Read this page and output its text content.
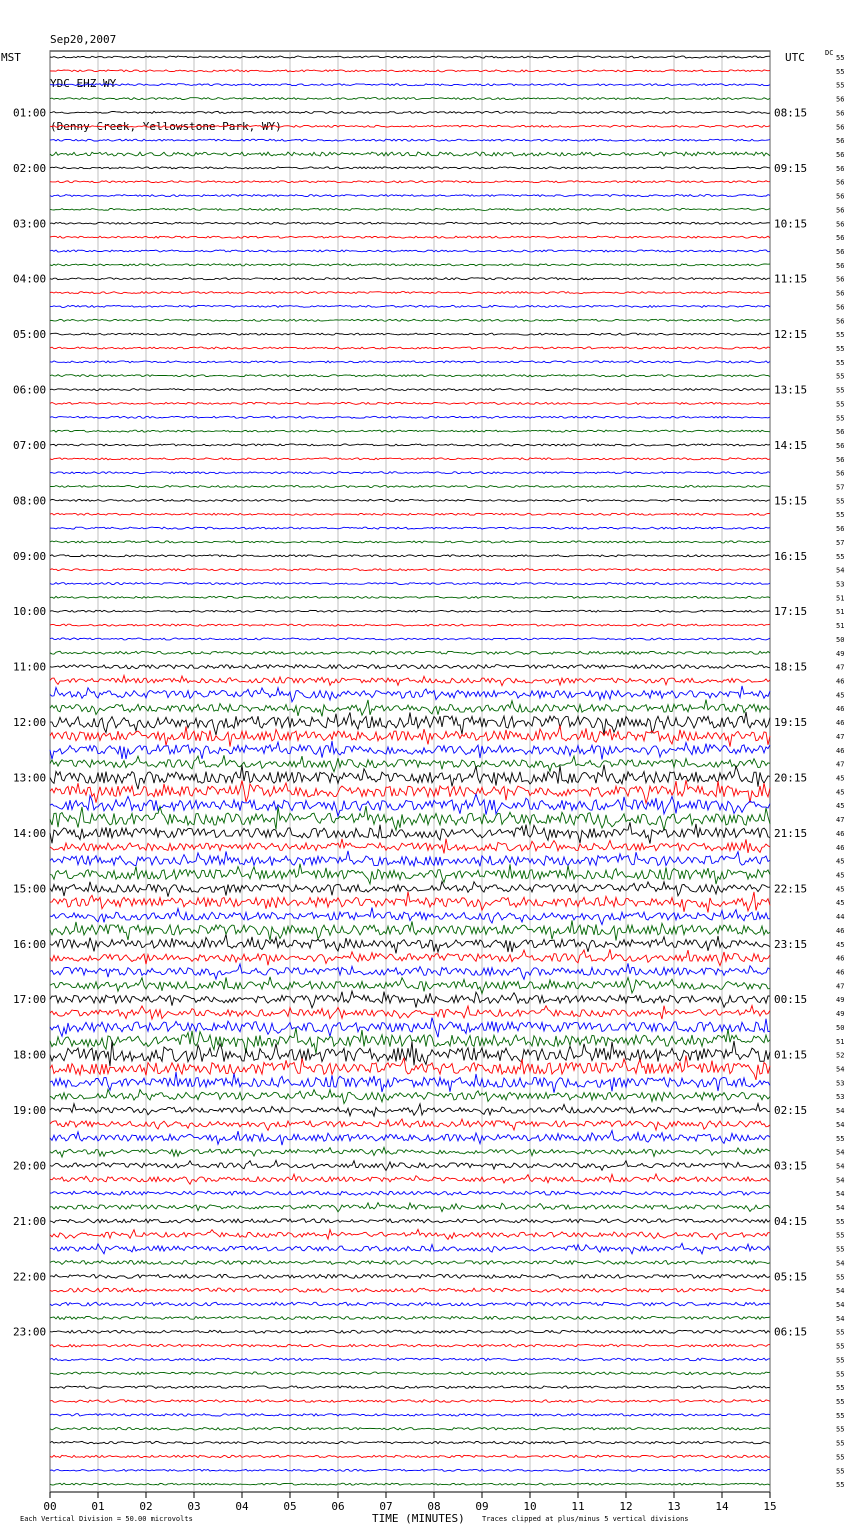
Sep20,2007

YDC EHZ WY

(Denny Creek, Yellowstone Park, WY)

MST	UTC	DC
00	01	02	03	04	05	06	07	08	09	10	11	12	13	14	15
55
55
55
56
56
01:00	08:15
56
56
56
56
02:00	09:15
56
56
56
56
03:00	10:15
56
56
56
56
04:00	11:15
56
56
56
55
05:00	12:15
55
55
55
55
06:00	13:15
55
55
56
56
07:00	14:15
56
56
57
55
08:00	15:15
55
56
57
55
09:00	16:15
54
53
51
51
10:00	17:15
51
50
49
47
11:00	18:15
46
45
46
46
12:00	19:15
47
46
47
45
13:00	20:15
45
45
47
46
14:00	21:15
46
45
45
45
15:00	22:15
45
44
46
45
16:00	23:15
46
46
47
49
17:00	00:15
49
50
51
52
18:00	01:15
54
53
53
54
19:00	02:15
54
55
54
54
20:00	03:15
54
54
54
55
21:00	04:15
55
55
54
55
22:00	05:15
54
54
54
55
23:00	06:15
55
55
55
55
55
55
55
55
55
55
55
Each Vertical Division = 50.00 microvolts	TIME (MINUTES) Traces clipped at plus/minus 5 vertical divisions
